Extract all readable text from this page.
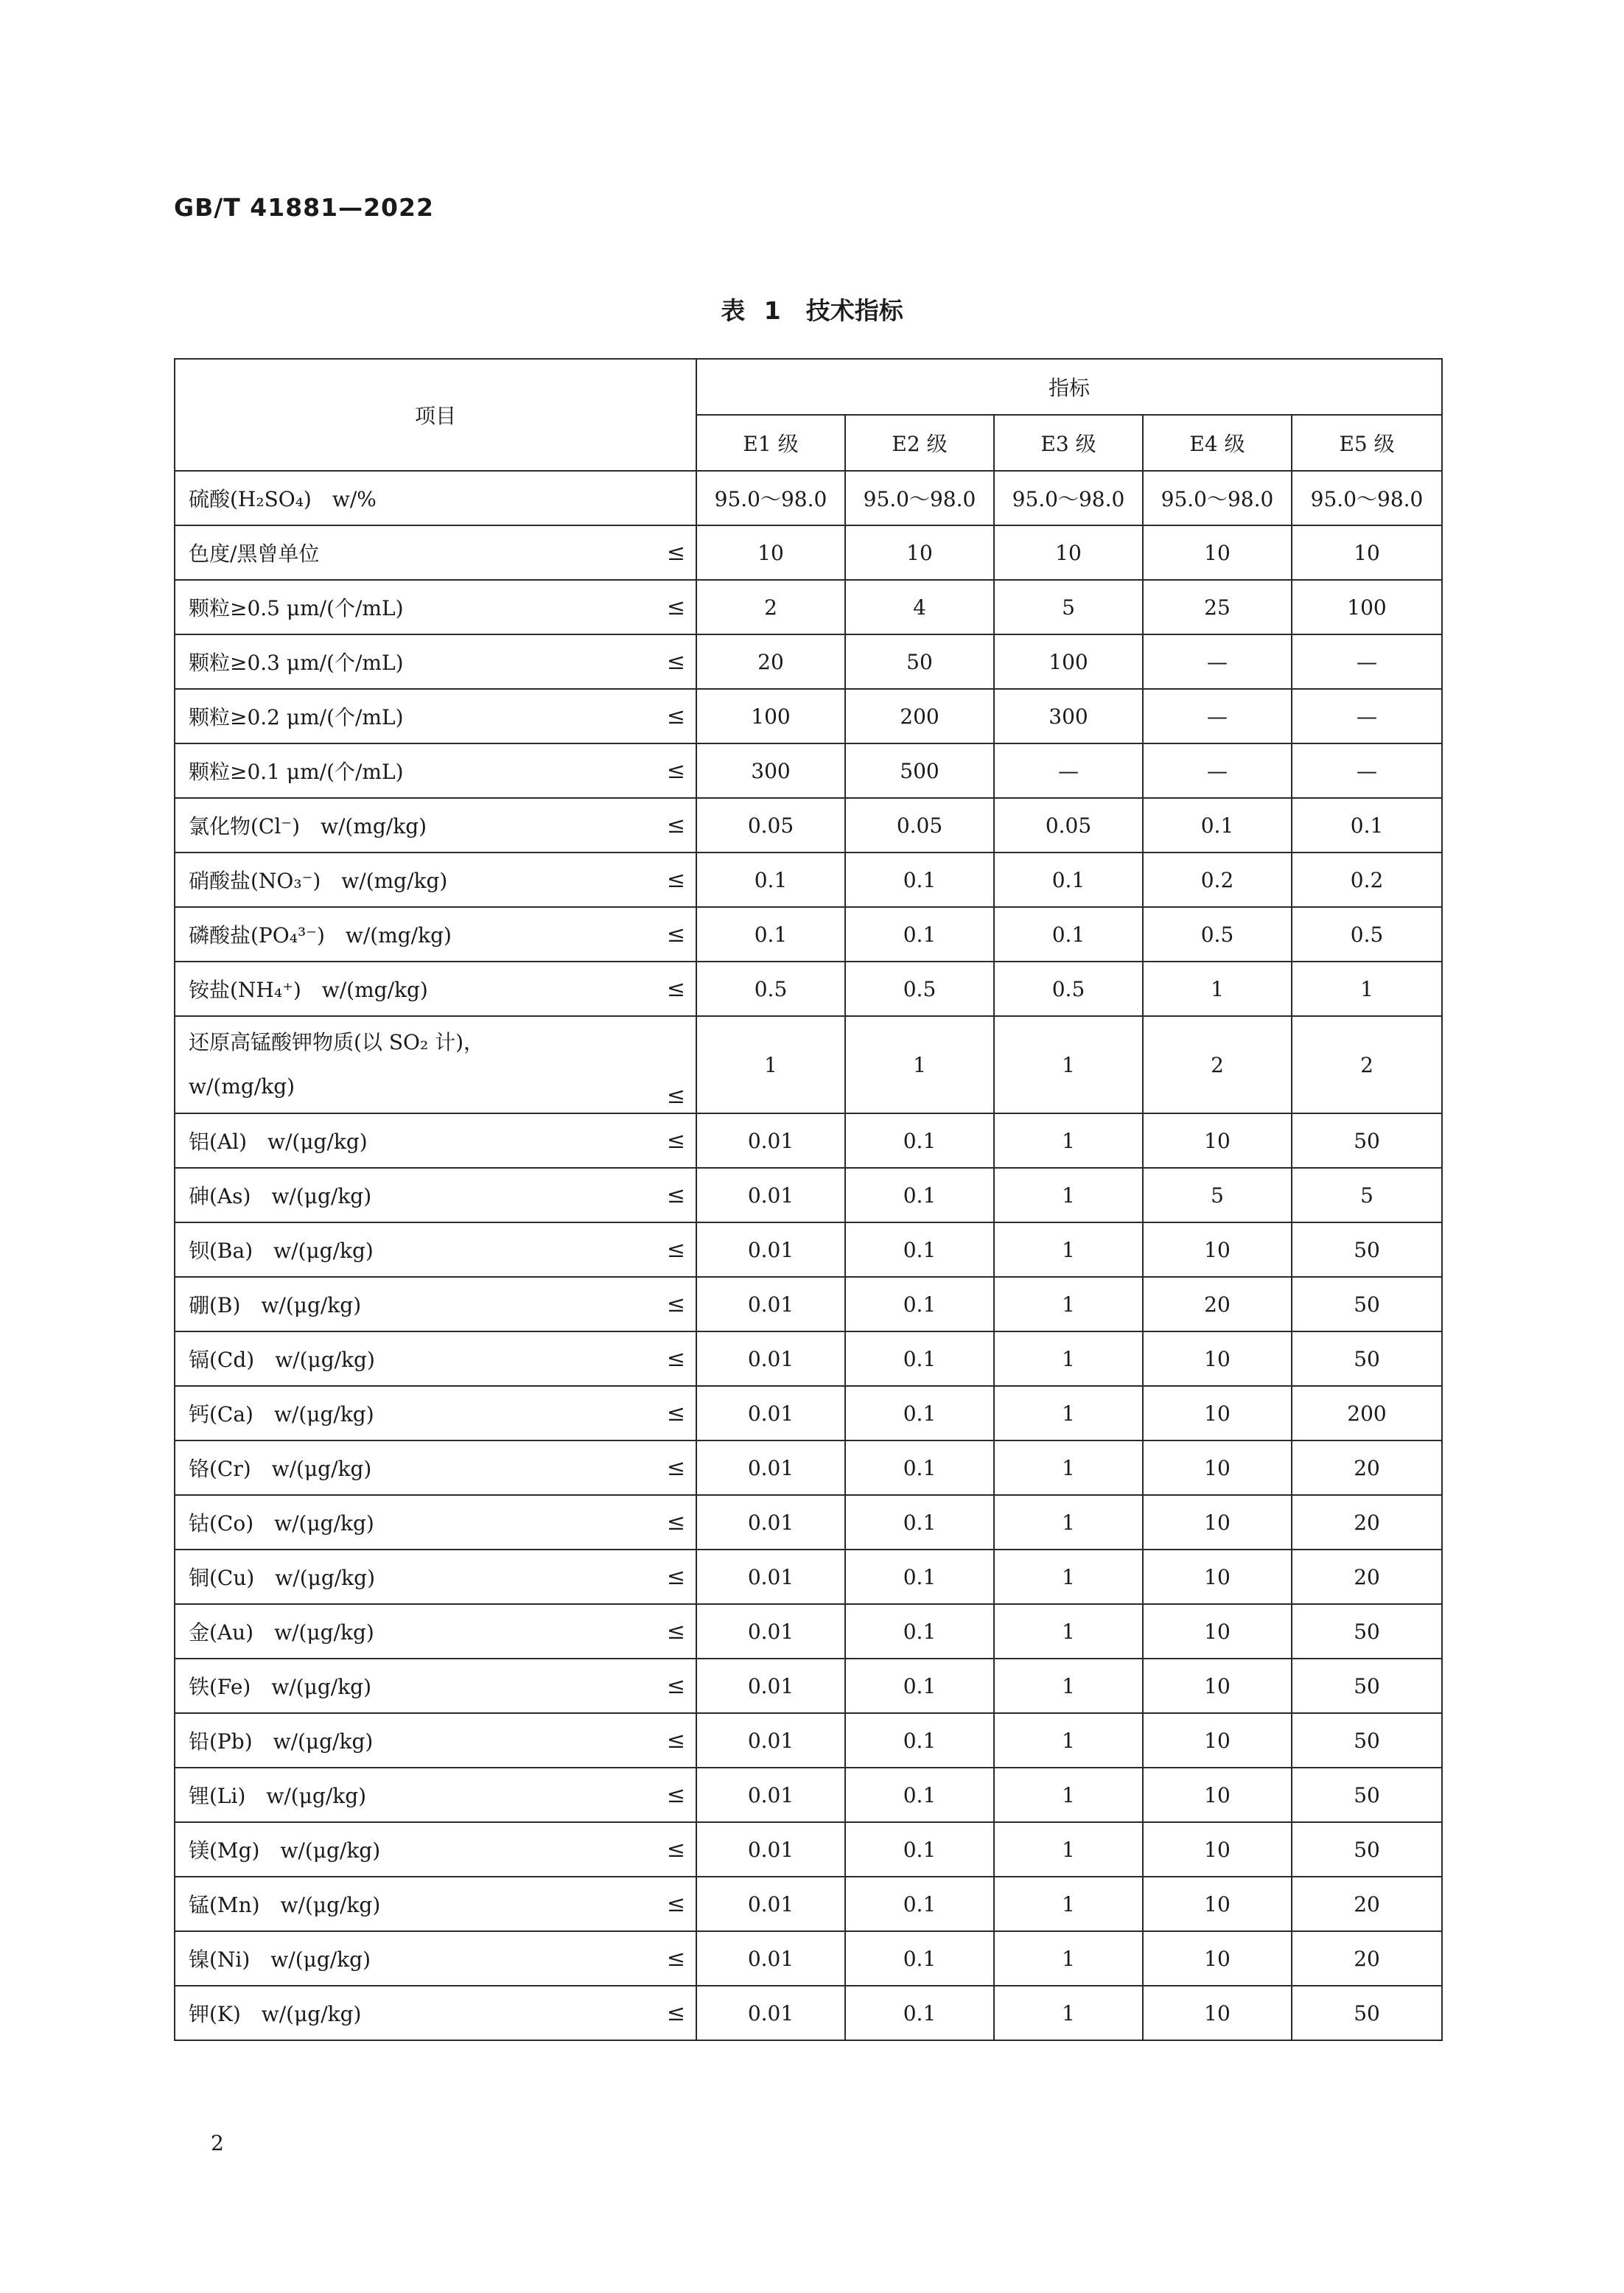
GB/T 41881—2022
表 1 技术指标
项目	指标				
	E1 级	E2 级	E3 级	E4 级	E5 级

硫酸(H₂SO₄)　w/%	95.0～98.0	95.0～98.0	95.0～98.0	95.0～98.0	95.0～98.0

色度/黑曾单位 ≤	10	10	10	10	10

颗粒≥0.5 μm/(个/mL) ≤	2	4	5	25	100

颗粒≥0.3 μm/(个/mL) ≤	20	50	100	—	—

颗粒≥0.2 μm/(个/mL) ≤	100	200	300	—	—

颗粒≥0.1 μm/(个/mL) ≤	300	500	—	—	—

氯化物(Cl⁻)　w/(mg/kg) ≤	0.05	0.05	0.05	0.1	0.1

硝酸盐(NO₃⁻)　w/(mg/kg) ≤	0.1	0.1	0.1	0.2	0.2

磷酸盐(PO₄³⁻)　w/(mg/kg) ≤	0.1	0.1	0.1	0.5	0.5

铵盐(NH₄⁺)　w/(mg/kg) ≤	0.5	0.5	0.5	1	1

还原高锰酸钾物质(以 SO₂ 计)，
w/(mg/kg) ≤	1	1	1	2	2

铝(Al)　w/(μg/kg) ≤	0.01	0.1	1	10	50

砷(As)　w/(μg/kg) ≤	0.01	0.1	1	5	5

钡(Ba)　w/(μg/kg) ≤	0.01	0.1	1	10	50

硼(B)　w/(μg/kg) ≤	0.01	0.1	1	20	50

镉(Cd)　w/(μg/kg) ≤	0.01	0.1	1	10	50

钙(Ca)　w/(μg/kg) ≤	0.01	0.1	1	10	200

铬(Cr)　w/(μg/kg) ≤	0.01	0.1	1	10	20

钴(Co)　w/(μg/kg) ≤	0.01	0.1	1	10	20

铜(Cu)　w/(μg/kg) ≤	0.01	0.1	1	10	20

金(Au)　w/(μg/kg) ≤	0.01	0.1	1	10	50

铁(Fe)　w/(μg/kg) ≤	0.01	0.1	1	10	50

铅(Pb)　w/(μg/kg) ≤	0.01	0.1	1	10	50

锂(Li)　w/(μg/kg) ≤	0.01	0.1	1	10	50

镁(Mg)　w/(μg/kg) ≤	0.01	0.1	1	10	50

锰(Mn)　w/(μg/kg) ≤	0.01	0.1	1	10	20

镍(Ni)　w/(μg/kg) ≤	0.01	0.1	1	10	20

钾(K)　w/(μg/kg) ≤	0.01	0.1	1	10	50
2
